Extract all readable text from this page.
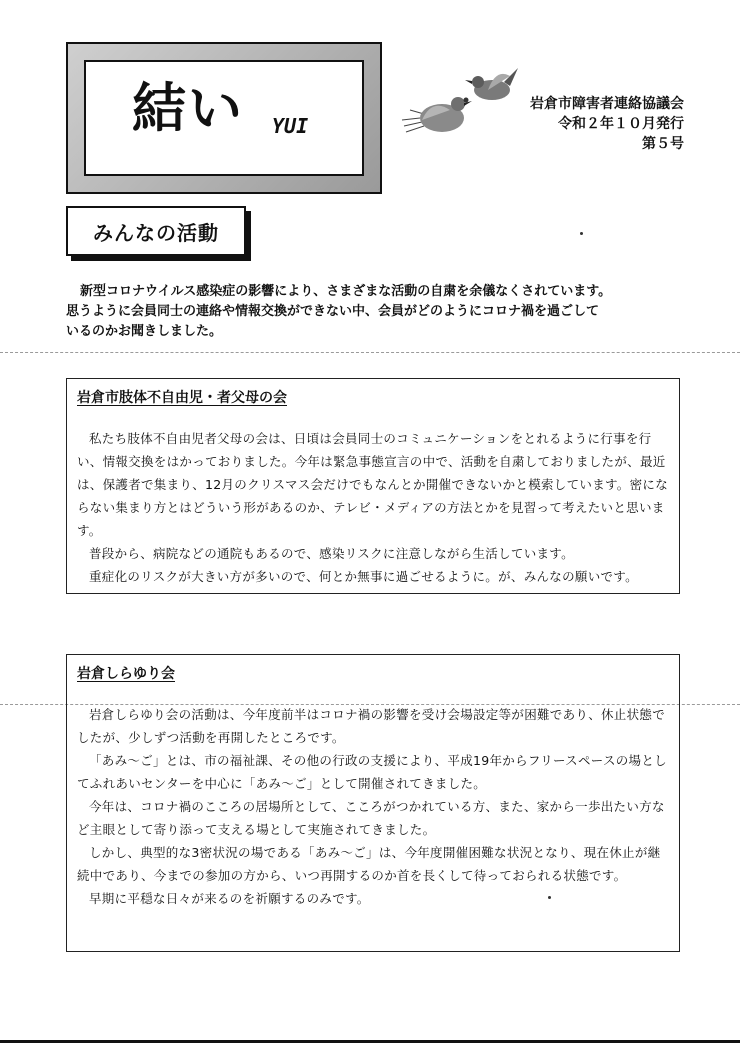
結い YUI
岩倉市障害者連絡協議会
令和２年１０月発行
第５号
みんなの活動
新型コロナウイルス感染症の影響により、さまざまな活動の自粛を余儀なくされています。
思うように会員同士の連絡や情報交換ができない中、会員がどのようにコロナ禍を過ごして
いるのかお聞きしました。
岩倉市肢体不自由児・者父母の会

私たち肢体不自由児者父母の会は、日頃は会員同士のコミュニケーションをとれるように行事を行い、情報交換をはかっておりました。今年は緊急事態宣言の中で、活動を自粛しておりましたが、最近は、保護者で集まり、12月のクリスマス会だけでもなんとか開催できないかと模索しています。密にならない集まり方とはどういう形があるのか、テレビ・メディアの方法とかを見習って考えたいと思います。

普段から、病院などの通院もあるので、感染リスクに注意しながら生活しています。

重症化のリスクが大きい方が多いので、何とか無事に過ごせるように。が、みんなの願いです。

岩倉しらゆり会

岩倉しらゆり会の活動は、今年度前半はコロナ禍の影響を受け会場設定等が困難であり、休止状態でしたが、少しずつ活動を再開したところです。

「あみ～ご」とは、市の福祉課、その他の行政の支援により、平成19年からフリースペースの場としてふれあいセンターを中心に「あみ～ご」として開催されてきました。

今年は、コロナ禍のこころの居場所として、こころがつかれている方、また、家から一歩出たい方など主眼として寄り添って支える場として実施されてきました。

しかし、典型的な3密状況の場である「あみ～ご」は、今年度開催困難な状況となり、現在休止が継続中であり、今までの参加の方から、いつ再開するのか首を長くして待っておられる状態です。

早期に平穏な日々が来るのを祈願するのみです。
